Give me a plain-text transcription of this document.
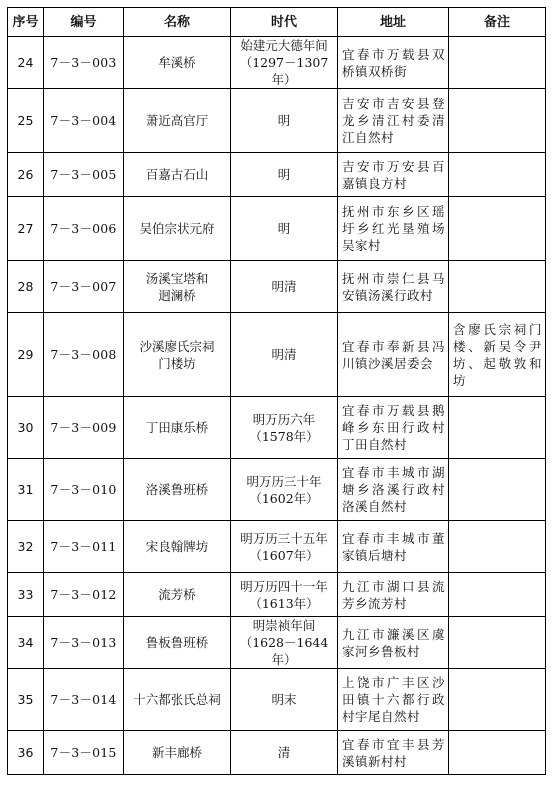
序号	编号	名称	时代	地址	备注
24	7－3－003	牟溪桥	始建元大德年间
（1297－1307年）	宜春市万载县双桥镇双桥街	
25	7－3－004	萧近高官厅	明	吉安市吉安县登龙乡清江村委清江自然村	
26	7－3－005	百嘉古石山	明	吉安市万安县百嘉镇良方村	
27	7－3－006	吴伯宗状元府	明	抚州市东乡区瑶圩乡红光垦殖场吴家村	
28	7－3－007	汤溪宝塔和
迥澜桥	明清	抚州市崇仁县马安镇汤溪行政村	
29	7－3－008	沙溪廖氏宗祠
门楼坊	明清	宜春市奉新县冯川镇沙溪居委会	含廖氏宗祠门楼、新吴令尹坊、起敬敦和坊
30	7－3－009	丁田康乐桥	明万历六年
（1578年）	宜春市万载县鹅峰乡东田行政村丁田自然村	
31	7－3－010	洛溪鲁班桥	明万历三十年
（1602年）	宜春市丰城市湖塘乡洛溪行政村洛溪自然村	
32	7－3－011	宋良翰牌坊	明万历三十五年
（1607年）	宜春市丰城市董家镇后塘村	
33	7－3－012	流芳桥	明万历四十一年
（1613年）	九江市湖口县流芳乡流芳村	
34	7－3－013	鲁板鲁班桥	明崇祯年间
（1628－1644年）	九江市濂溪区虞家河乡鲁板村	
35	7－3－014	十六都张氏总祠	明末	上饶市广丰区沙田镇十六都行政村宇尾自然村	
36	7－3－015	新丰廊桥	清	宜春市宜丰县芳溪镇新村村	
